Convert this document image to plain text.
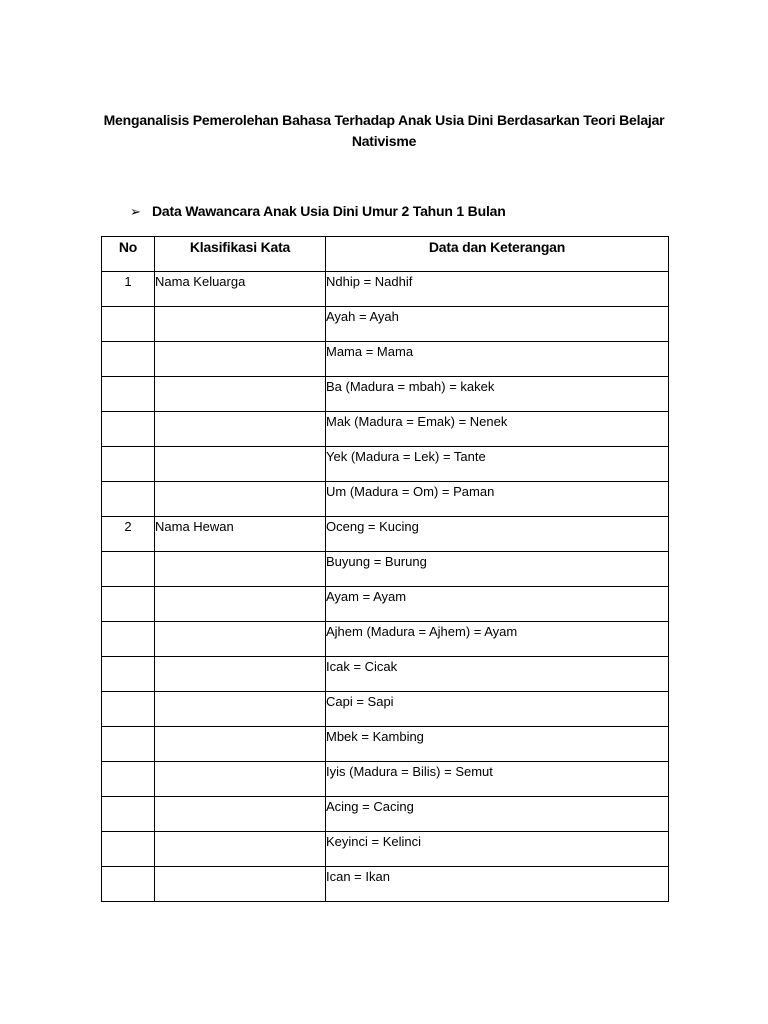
Menganalisis Pemerolehan Bahasa Terhadap Anak Usia Dini Berdasarkan Teori Belajar
Nativisme
➢ Data Wawancara Anak Usia Dini Umur 2 Tahun 1 Bulan
No	Klasifikasi Kata	Data dan Keterangan
1	Nama Keluarga	Ndhip = Nadhif
		Ayah = Ayah
		Mama = Mama
		Ba (Madura = mbah) = kakek
		Mak (Madura = Emak) = Nenek
		Yek (Madura = Lek) = Tante
		Um (Madura = Om) = Paman
2	Nama Hewan	Oceng = Kucing
		Buyung = Burung
		Ayam = Ayam
		Ajhem (Madura = Ajhem) = Ayam
		Icak = Cicak
		Capi = Sapi
		Mbek = Kambing
		Iyis (Madura = Bilis) = Semut
		Acing = Cacing
		Keyinci = Kelinci
		Ican = Ikan
